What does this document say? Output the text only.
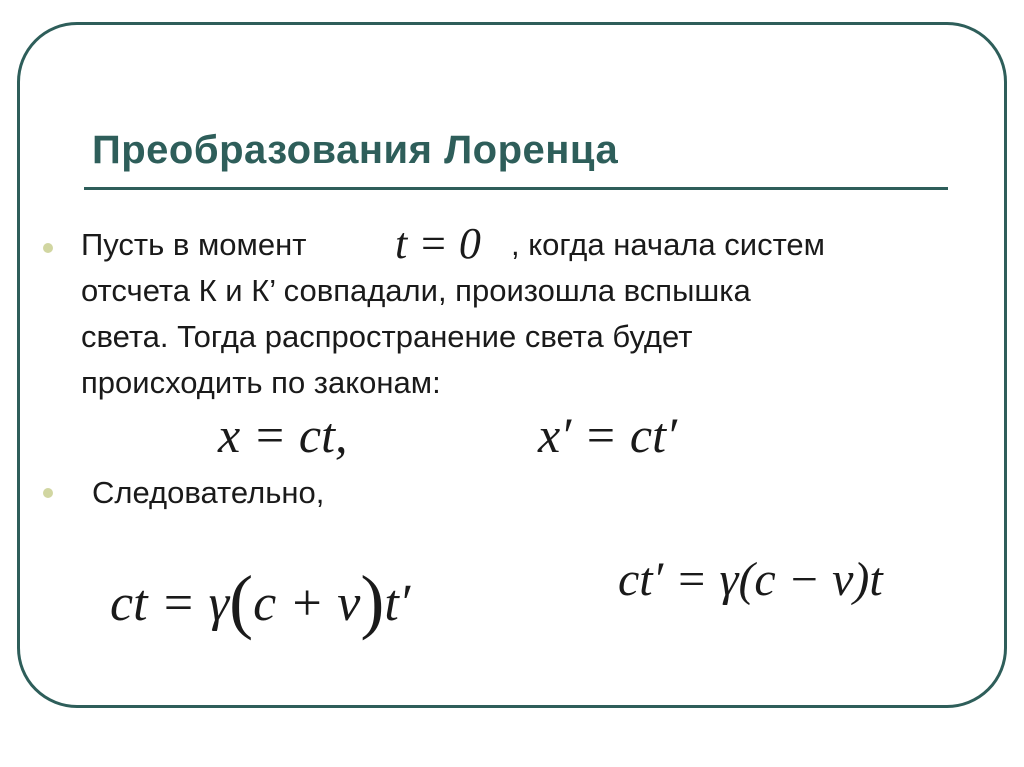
Преобразования Лоренца

Пусть в момент t = 0 , когда начала систем

отсчета К и К’ совпадали, произошла вспышка

света. Тогда распространение света будет

происходить по законам:

x = ct,	x′ = ct′

Следовательно,

ct = γ(c + v)t′	ct′ = γ(c − v)t
